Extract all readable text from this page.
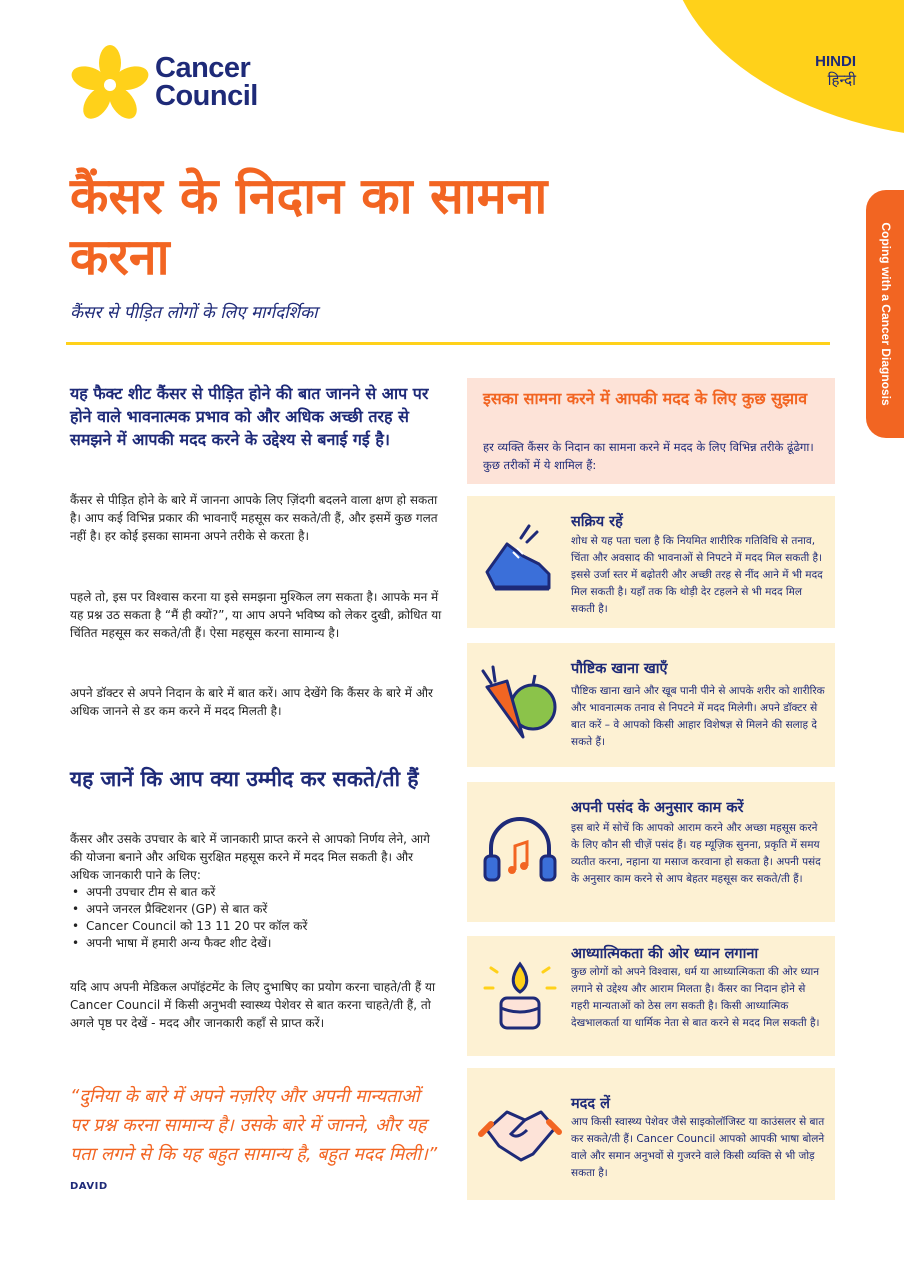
Cancer
Council
HINDI
हिन्दी
Coping with a Cancer Diagnosis
कैंसर के निदान का सामना करना
कैंसर से पीड़ित लोगों के लिए मार्गदर्शिका
यह फैक्ट शीट कैंसर से पीड़ित होने की बात जानने से आप पर होने वाले भावनात्मक प्रभाव को और अधिक अच्छी तरह से समझने में आपकी मदद करने के उद्देश्य से बनाई गई है।
कैंसर से पीड़ित होने के बारे में जानना आपके लिए ज़िंदगी बदलने वाला क्षण हो सकता है। आप कई विभिन्न प्रकार की भावनाएँ महसूस कर सकते/ती हैं, और इसमें कुछ गलत नहीं है। हर कोई इसका सामना अपने तरीके से करता है।
पहले तो, इस पर विश्वास करना या इसे समझना मुश्किल लग सकता है। आपके मन में यह प्रश्न उठ सकता है “मैं ही क्यों?”, या आप अपने भविष्य को लेकर दुखी, क्रोधित या चिंतित महसूस कर सकते/ती हैं। ऐसा महसूस करना सामान्य है।
अपने डॉक्टर से अपने निदान के बारे में बात करें। आप देखेंगे कि कैंसर के बारे में और अधिक जानने से डर कम करने में मदद मिलती है।
यह जानें कि आप क्या उम्मीद कर सकते/ती हैं
कैंसर और उसके उपचार के बारे में जानकारी प्राप्त करने से आपको निर्णय लेने, आगे की योजना बनाने और अधिक सुरक्षित महसूस करने में मदद मिल सकती है। और अधिक जानकारी पाने के लिए:
• अपनी उपचार टीम से बात करें
• अपने जनरल प्रैक्टिशनर (GP) से बात करें
• Cancer Council को 13 11 20 पर कॉल करें
• अपनी भाषा में हमारी अन्य फैक्ट शीट देखें।
यदि आप अपनी मेडिकल अपॉइंटमेंट के लिए दुभाषिए का प्रयोग करना चाहते/ती हैं या Cancer Council में किसी अनुभवी स्वास्थ्य पेशेवर से बात करना चाहते/ती हैं, तो अगले पृष्ठ पर देखें - मदद और जानकारी कहाँ से प्राप्त करें।
“दुनिया के बारे में अपने नज़रिए और अपनी मान्यताओं पर प्रश्न करना सामान्य है। उसके बारे में जानने, और यह पता लगने से कि यह बहुत सामान्य है, बहुत मदद मिली।” DAVID
इसका सामना करने में आपकी मदद के लिए कुछ सुझाव
हर व्यक्ति कैंसर के निदान का सामना करने में मदद के लिए विभिन्न तरीके ढूंढेगा। कुछ तरीकों में ये शामिल हैं:
सक्रिय रहें
शोध से यह पता चला है कि नियमित शारीरिक गतिविधि से तनाव, चिंता और अवसाद की भावनाओं से निपटने में मदद मिल सकती है। इससे उर्जा स्तर में बढ़ोतरी और अच्छी तरह से नींद आने में भी मदद मिल सकती है। यहाँ तक कि थोड़ी देर टहलने से भी मदद मिल सकती है।
पौष्टिक खाना खाएँ
पौष्टिक खाना खाने और खूब पानी पीने से आपके शरीर को शारीरिक और भावनात्मक तनाव से निपटने में मदद मिलेगी। अपने डॉक्टर से बात करें – वे आपको किसी आहार विशेषज्ञ से मिलने की सलाह दे सकते हैं।
अपनी पसंद के अनुसार काम करें
इस बारे में सोचें कि आपको आराम करने और अच्छा महसूस करने के लिए कौन सी चीज़ें पसंद हैं। यह म्यूज़िक सुनना, प्रकृति में समय व्यतीत करना, नहाना या मसाज करवाना हो सकता है। अपनी पसंद के अनुसार काम करने से आप बेहतर महसूस कर सकते/ती हैं।
आध्यात्मिकता की ओर ध्यान लगाना
कुछ लोगों को अपने विश्वास, धर्म या आध्यात्मिकता की ओर ध्यान लगाने से उद्देश्य और आराम मिलता है। कैंसर का निदान होने से गहरी मान्यताओं को ठेस लग सकती है। किसी आध्यात्मिक देखभालकर्ता या धार्मिक नेता से बात करने से मदद मिल सकती है।
मदद लें
आप किसी स्वास्थ्य पेशेवर जैसे साइकोलॉजिस्ट या काउंसलर से बात कर सकते/ती हैं। Cancer Council आपको आपकी भाषा बोलने वाले और समान अनुभवों से गुजरने वाले किसी व्यक्ति से भी जोड़ सकता है।
